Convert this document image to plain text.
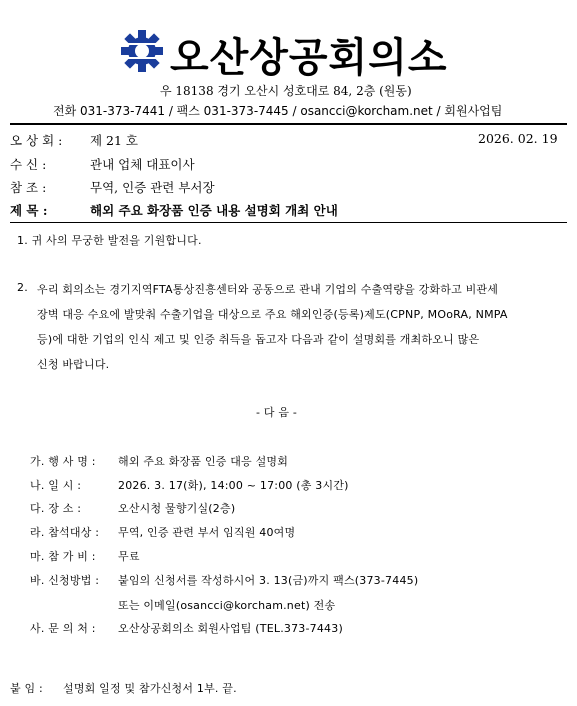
오산상공회의소
우 18138 경기 오산시 성호대로 84, 2층 (원동)
전화 031-373-7441 / 팩스 031-373-7445 / osancci@korcham.net / 회원사업팀
오 상 회 : 제 21 호	2026. 02. 19
수 신 :	관내 업체 대표이사
참 조 :	무역, 인증 관련 부서장
제 목 :	해외 주요 화장품 인증 내용 설명회 개최 안내
1. 귀 사의 무궁한 발전을 기원합니다.
2. 우리 회의소는 경기지역FTA통상진흥센터와 공동으로 관내 기업의 수출역량을 강화하고 비관세
장벽 대응 수요에 발맞춰 수출기업을 대상으로 주요 해외인증(등록)제도(CPNP, MOoRA, NMPA
등)에 대한 기업의 인식 제고 및 인증 취득을 돕고자 다음과 같이 설명회를 개최하오니 많은
신청 바랍니다.
- 다 음 -
가. 행 사 명 : 해외 주요 화장품 인증 대응 설명회
나. 일 시 :	2026. 3. 17(화), 14:00 ~ 17:00 (총 3시간)
다. 장 소 :	오산시청 물향기실(2층)
라. 참석대상 : 무역, 인증 관련 부서 임직원 40여명
마. 참 가 비 : 무료
바. 신청방법 : 붙임의 신청서를 작성하시어 3. 13(금)까지 팩스(373-7445)
또는 이메일(osancci@korcham.net) 전송
사. 문 의 처 : 오산상공회의소 회원사업팀 (TEL.373-7443)
붙 임 : 설명회 일정 및 참가신청서 1부. 끝.
